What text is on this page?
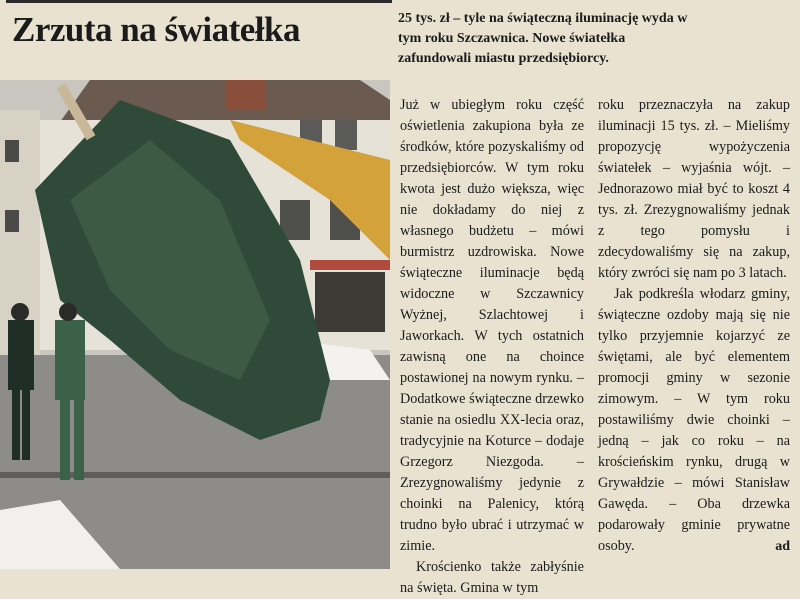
Zrzuta na światełka	25 tys. zł – tyle na świąteczną iluminację wyda w tym roku Szczawnica. Nowe światełka zafundowali miastu przedsiębiorcy.

Już w ubiegłym roku część oświetlenia zakupiona była ze środków, które pozyskaliśmy od przedsiębiorców. W tym roku kwota jest dużo większa, więc nie dokładamy do niej z własnego budżetu – mówi burmistrz uzdrowiska. Nowe świąteczne iluminacje będą widoczne w Szczawnicy Wyżnej, Szlachtowej i Jaworkach. W tych ostatnich zawisną one na choince postawionej na nowym rynku. – Dodatkowe świąteczne drzewko stanie na osiedlu XX-lecia oraz, tradycyjnie na Koturce – dodaje Grzegorz Niezgoda. – Zrezygnowaliśmy jedynie z choinki na Palenicy, którą trudno było ubrać i utrzymać w zimie.

Krościenko także zabłyśnie na święta. Gmina w tym

roku przeznaczyła na zakup iluminacji 15 tys. zł. – Mieliśmy propozycję wypożyczenia światełek – wyjaśnia wójt. – Jednorazowo miał być to koszt 4 tys. zł. Zrezygnowaliśmy jednak z tego pomysłu i zdecydowaliśmy się na zakup, który zwróci się nam po 3 latach.

Jak podkreśla włodarz gminy, świąteczne ozdoby mają się nie tylko przyjemnie kojarzyć ze świętami, ale być elementem promocji gminy w sezonie zimowym. – W tym roku postawiliśmy dwie choinki – jedną – jak co roku – na krościeńskim rynku, drugą w Grywałdzie – mówi Stanisław Gawęda. – Oba drzewka podarowały gminie prywatne osoby.	ad
